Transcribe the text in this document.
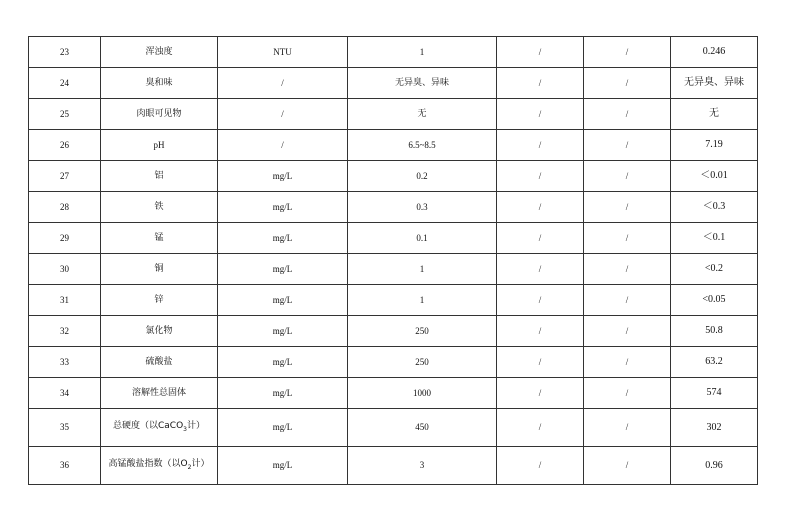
23	浑浊度	NTU	1	/	/	0.246
24	臭和味	/	无异臭、异味	/	/	无异臭、异味
25	肉眼可见物	/	无	/	/	无
26	pH	/	6.5~8.5	/	/	7.19
27	铝	mg/L	0.2	/	/	＜0.01
28	铁	mg/L	0.3	/	/	＜0.3
29	锰	mg/L	0.1	/	/	＜0.1
30	铜	mg/L	1	/	/	<0.2
31	锌	mg/L	1	/	/	<0.05
32	氯化物	mg/L	250	/	/	50.8
33	硫酸盐	mg/L	250	/	/	63.2
34	溶解性总固体	mg/L	1000	/	/	574
35	总硬度（以CaCO$_3$计）	mg/L	450	/	/	302
36	高锰酸盐指数（以$O_2$计）	mg/L	3	/	/	0.96
